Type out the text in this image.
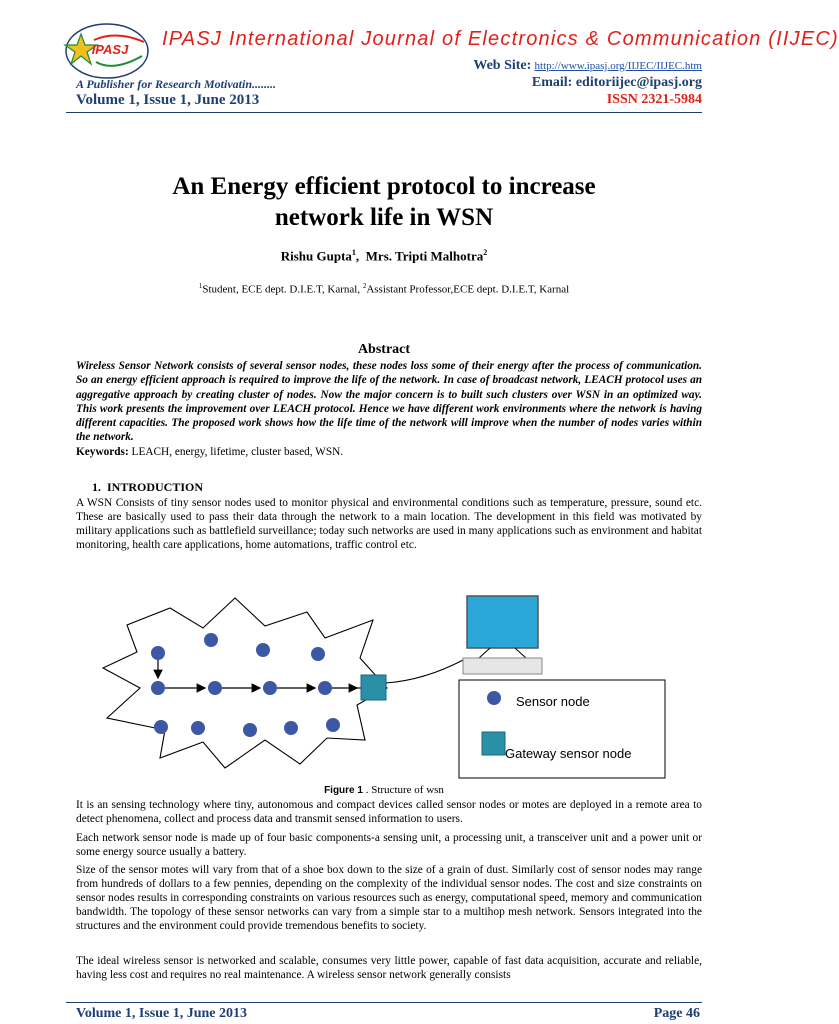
IPASJ IPASJ International Journal of Electronics & Communication (IIJEC)
Web Site: http://www.ipasj.org/IIJEC/IIJEC.htm
A Publisher for Research Motivatin........	Email: editoriijec@ipasj.org
Volume 1, Issue 1, June 2013	ISSN 2321-5984
An Energy efficient protocol to increase
network life in WSN
Rishu Gupta$^1$,  Mrs. Tripti Malhotra$^2$
$^1$Student, ECE dept. D.I.E.T, Karnal, $^2$Assistant Professor,ECE dept. D.I.E.T, Karnal
Abstract
Wireless Sensor Network consists of several sensor nodes, these nodes loss some of their energy after the process of communication. So an energy efficient approach is required to improve the life of the network. In case of broadcast network, LEACH protocol uses an aggregative approach by creating cluster of nodes. Now the major concern is to built such clusters over WSN in an optimized way. This work presents the improvement over LEACH protocol. Hence we have different work environments where the network is having different capacities. The proposed work shows how the life time of the network will improve when the number of nodes varies within the network.
Keywords: LEACH, energy, lifetime, cluster based, WSN.
1.  INTRODUCTION
A WSN Consists of tiny sensor nodes used to monitor physical and environmental conditions such as temperature, pressure, sound etc. These are basically used to pass their data through the network to a main location. The development in this field was motivated by military applications such as battlefield surveillance; today such networks are used in many applications such as environment and habitat monitoring, health care applications, home automations, traffic control etc.
Sensor node
Gateway sensor node
Figure 1 . Structure of wsn
It is an sensing technology where tiny, autonomous and compact devices called sensor nodes or motes are deployed in a remote area to detect phenomena, collect and process data and transmit sensed information to users.
Each network sensor node is made up of four basic components-a sensing unit, a processing unit, a transceiver unit and a power unit or some energy source usually a battery.
Size of the sensor motes will vary from that of a shoe box down to the size of a grain of dust. Similarly cost of sensor nodes may range from hundreds of dollars to a few pennies, depending on the complexity of the individual sensor nodes. The cost and size constraints on sensor nodes results in corresponding constraints on various resources such as energy, computational speed, memory and communication bandwidth. The topology of these sensor networks can vary from a simple star to a multihop mesh network. Sensors integrated into the structures and the environment could provide tremendous benefits to society.
The ideal wireless sensor is networked and scalable, consumes very little power, capable of fast data acquisition, accurate and reliable, having less cost and requires no real maintenance. A wireless sensor network generally consists
Volume 1, Issue 1, June 2013	Page 46
